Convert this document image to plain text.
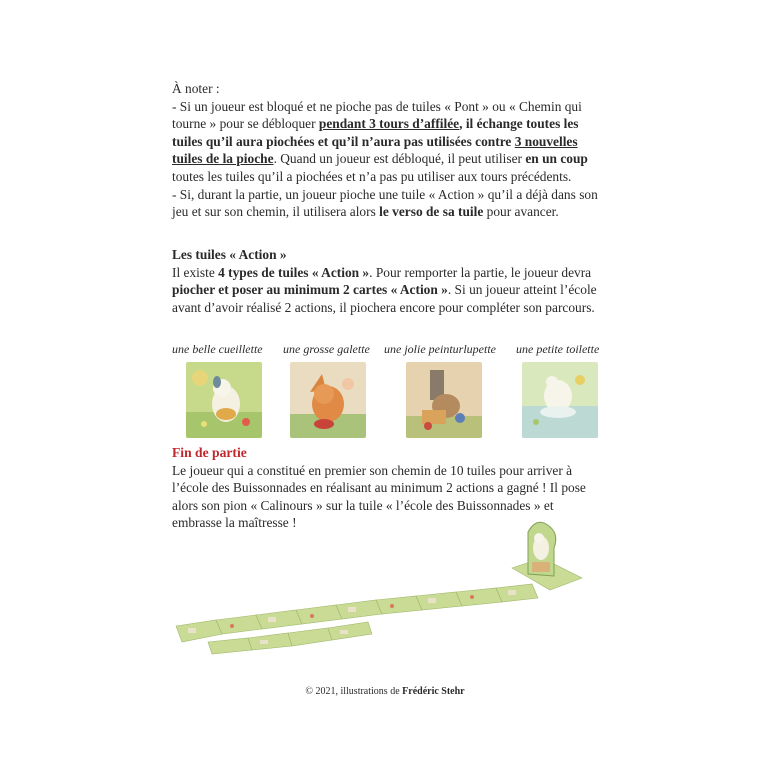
À noter :

- Si un joueur est bloqué et ne pioche pas de tuiles « Pont » ou « Chemin qui tourne » pour se débloquer pendant 3 tours d’affilée, il échange toutes les tuiles qu’il aura piochées et qu’il n’aura pas utilisées contre 3 nouvelles tuiles de la pioche. Quand un joueur est débloqué, il peut utiliser en un coup toutes les tuiles qu’il a piochées et n’a pas pu utiliser aux tours précédents.

- Si, durant la partie, un joueur pioche une tuile « Action » qu’il a déjà dans son jeu et sur son chemin, il utilisera alors le verso de sa tuile pour avancer.

Les tuiles « Action »

Il existe 4 types de tuiles « Action ». Pour remporter la partie, le joueur devra piocher et poser au minimum 2 cartes « Action ». Si un joueur atteint l’école avant d’avoir réalisé 2 actions, il piochera encore pour compléter son parcours.

une belle cueillette une grosse galette une jolie peinturlupette une petite toilette

Fin de partie

Le joueur qui a constitué en premier son chemin de 10 tuiles pour arriver à l’école des Buissonnades en réalisant au minimum 2 actions a gagné ! Il pose alors son pion « Calinours » sur la tuile « l’école des Buissonnades » et embrasse la maîtresse !

© 2021, illustrations de Frédéric Stehr
